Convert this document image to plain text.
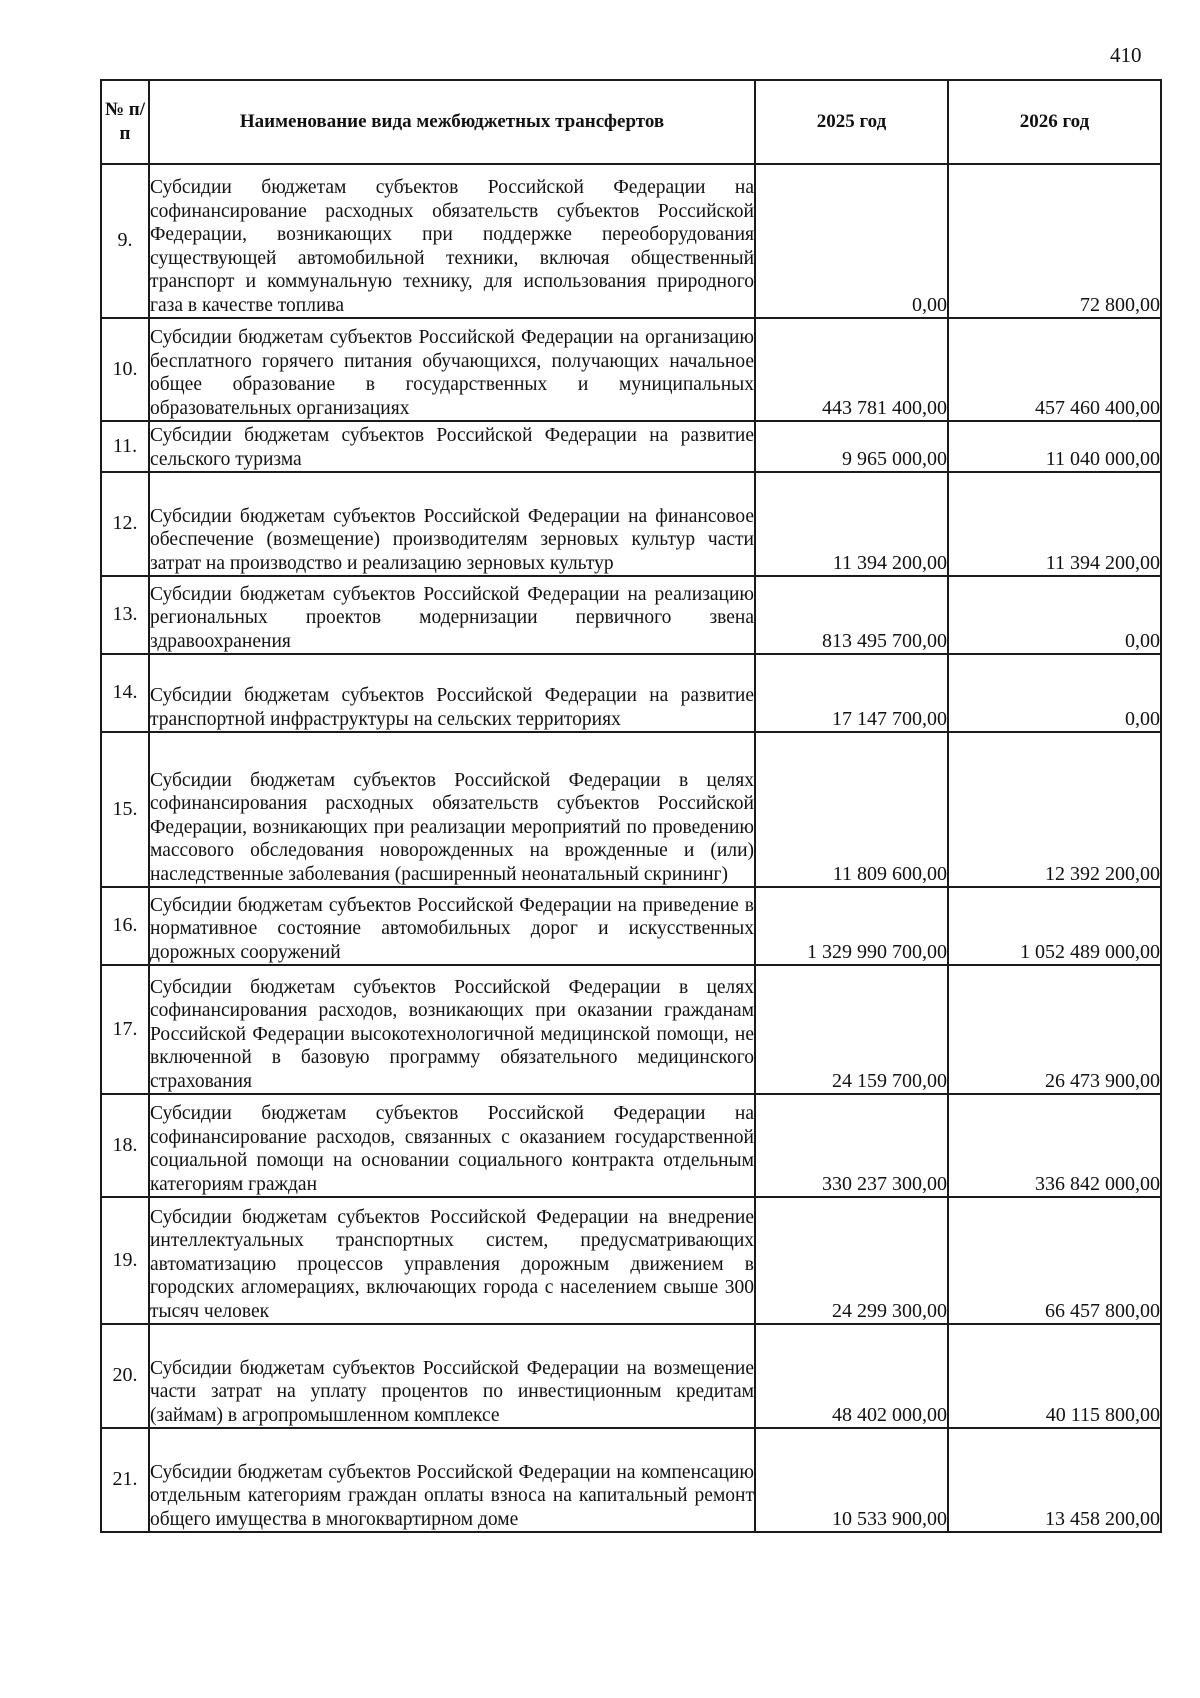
410
№ п/п	Наименование вида межбюджетных трансфертов	2025 год	2026 год
9.	Субсидии бюджетам субъектов Российской Федерации на софинансирование расходных обязательств субъектов Российской Федерации, возникающих при поддержке переоборудования существующей автомобильной техники, включая общественный транспорт и коммунальную технику, для использования природного газа в качестве топлива	0,00	72 800,00
10.	Субсидии бюджетам субъектов Российской Федерации на организацию бесплатного горячего питания обучающихся, получающих начальное общее образование в государственных и муниципальных образовательных организациях	443 781 400,00	457 460 400,00
11.	Субсидии бюджетам субъектов Российской Федерации на развитие сельского туризма	9 965 000,00	11 040 000,00
12.	Субсидии бюджетам субъектов Российской Федерации на финансовое обеспечение (возмещение) производителям зерновых культур части затрат на производство и реализацию зерновых культур	11 394 200,00	11 394 200,00
13.	Субсидии бюджетам субъектов Российской Федерации на реализацию региональных проектов модернизации первичного звена здравоохранения	813 495 700,00	0,00
14.	Субсидии бюджетам субъектов Российской Федерации на развитие транспортной инфраструктуры на сельских территориях	17 147 700,00	0,00
15.	Субсидии бюджетам субъектов Российской Федерации в целях софинансирования расходных обязательств субъектов Российской Федерации, возникающих при реализации мероприятий по проведению массового обследования новорожденных на врожденные и (или) наследственные заболевания (расширенный неонатальный скрининг)	11 809 600,00	12 392 200,00
16.	Субсидии бюджетам субъектов Российской Федерации на приведение в нормативное состояние автомобильных дорог и искусственных дорожных сооружений	1 329 990 700,00	1 052 489 000,00
17.	Субсидии бюджетам субъектов Российской Федерации в целях софинансирования расходов, возникающих при оказании гражданам Российской Федерации высокотехнологичной медицинской помощи, не включенной в базовую программу обязательного медицинского страхования	24 159 700,00	26 473 900,00
18.	Субсидии бюджетам субъектов Российской Федерации на софинансирование расходов, связанных с оказанием государственной социальной помощи на основании социального контракта отдельным категориям граждан	330 237 300,00	336 842 000,00
19.	Субсидии бюджетам субъектов Российской Федерации на внедрение интеллектуальных транспортных систем, предусматривающих автоматизацию процессов управления дорожным движением в городских агломерациях, включающих города с населением свыше 300 тысяч человек	24 299 300,00	66 457 800,00
20.	Субсидии бюджетам субъектов Российской Федерации на возмещение части затрат на уплату процентов по инвестиционным кредитам (займам) в агропромышленном комплексе	48 402 000,00	40 115 800,00
21.	Субсидии бюджетам субъектов Российской Федерации на компенсацию отдельным категориям граждан оплаты взноса на капитальный ремонт общего имущества в многоквартирном доме	10 533 900,00	13 458 200,00
